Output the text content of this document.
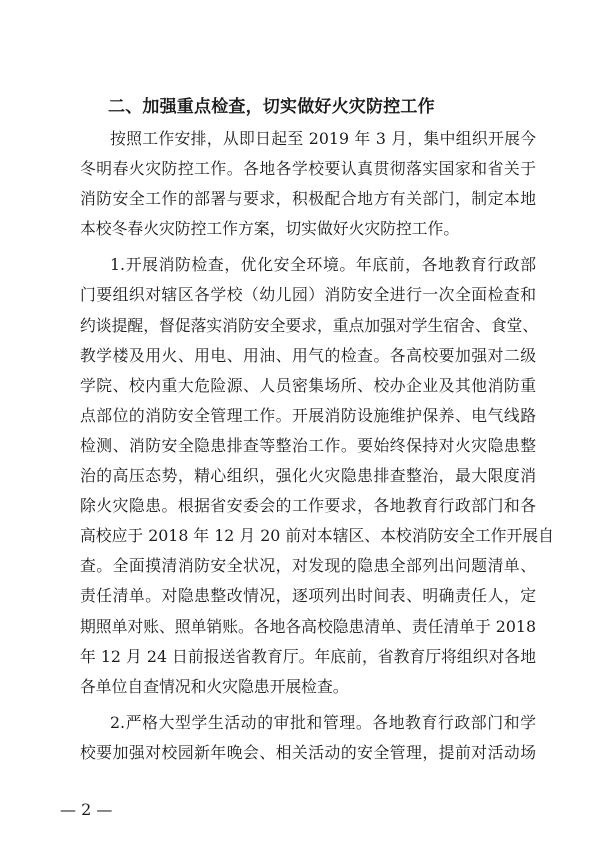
二、加强重点检查，切实做好火灾防控工作
按照工作安排，从即日起至 2019 年 3 月，集中组织开展今
冬明春火灾防控工作。各地各学校要认真贯彻落实国家和省关于
消防安全工作的部署与要求，积极配合地方有关部门，制定本地
本校冬春火灾防控工作方案，切实做好火灾防控工作。
1.开展消防检查，优化安全环境。年底前，各地教育行政部
门要组织对辖区各学校（幼儿园）消防安全进行一次全面检查和
约谈提醒，督促落实消防安全要求，重点加强对学生宿舍、食堂、
教学楼及用火、用电、用油、用气的检查。各高校要加强对二级
学院、校内重大危险源、人员密集场所、校办企业及其他消防重
点部位的消防安全管理工作。开展消防设施维护保养、电气线路
检测、消防安全隐患排查等整治工作。要始终保持对火灾隐患整
治的高压态势，精心组织，强化火灾隐患排查整治，最大限度消
除火灾隐患。根据省安委会的工作要求，各地教育行政部门和各
高校应于 2018 年 12 月 20 前对本辖区、本校消防安全工作开展自
查。全面摸清消防安全状况，对发现的隐患全部列出问题清单、
责任清单。对隐患整改情况，逐项列出时间表、明确责任人，定
期照单对账、照单销账。各地各高校隐患清单、责任清单于 2018
年 12 月 24 日前报送省教育厅。年底前，省教育厅将组织对各地
各单位自查情况和火灾隐患开展检查。
2.严格大型学生活动的审批和管理。各地教育行政部门和学
校要加强对校园新年晚会、相关活动的安全管理，提前对活动场
— 2 —
